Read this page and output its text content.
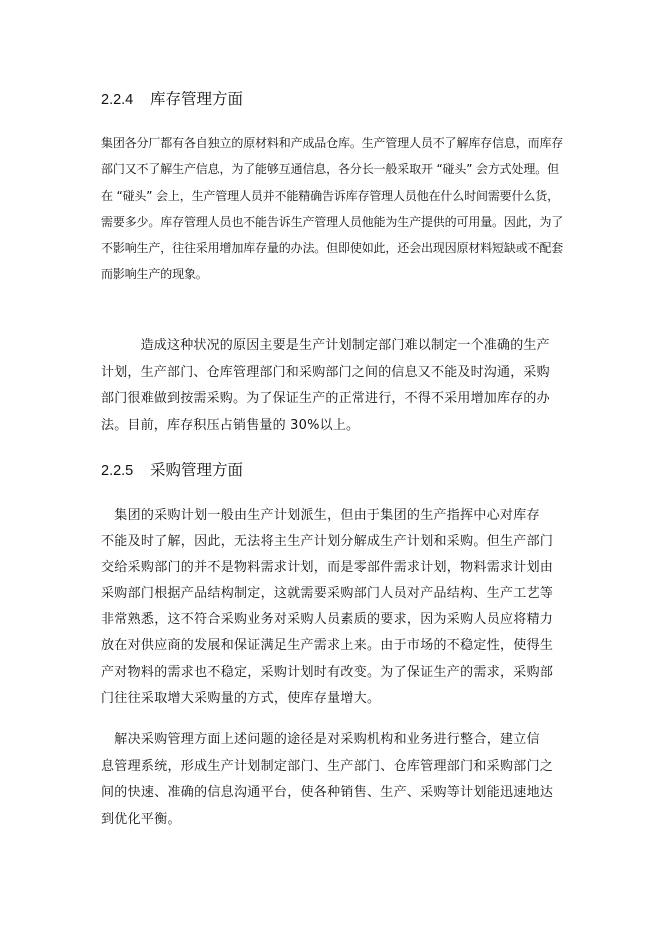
2.2.4 库存管理方面
集团各分厂都有各自独立的原材料和产成品仓库。生产管理人员不了解库存信息，而库存
部门又不了解生产信息，为了能够互通信息，各分长一般采取开 “碰头” 会方式处理。但
在 “碰头” 会上，生产管理人员并不能精确告诉库存管理人员他在什么时间需要什么货，
需要多少。库存管理人员也不能告诉生产管理人员他能为生产提供的可用量。因此，为了
不影响生产，往往采用增加库存量的办法。但即使如此，还会出现因原材料短缺或不配套
而影响生产的现象。
　　　造成这种状况的原因主要是生产计划制定部门难以制定一个准确的生产
计划，生产部门、仓库管理部门和采购部门之间的信息又不能及时沟通，采购
部门很难做到按需采购。为了保证生产的正常进行，不得不采用增加库存的办
法。目前，库存积压占销售量的 30%以上。
2.2.5 采购管理方面
　集团的采购计划一般由生产计划派生，但由于集团的生产指挥中心对库存
不能及时了解，因此，无法将主生产计划分解成生产计划和采购。但生产部门
交给采购部门的并不是物料需求计划，而是零部件需求计划，物料需求计划由
采购部门根据产品结构制定，这就需要采购部门人员对产品结构、生产工艺等
非常熟悉，这不符合采购业务对采购人员素质的要求，因为采购人员应将精力
放在对供应商的发展和保证满足生产需求上来。由于市场的不稳定性，使得生
产对物料的需求也不稳定，采购计划时有改变。为了保证生产的需求，采购部
门往往采取增大采购量的方式，使库存量增大。
　解决采购管理方面上述问题的途径是对采购机构和业务进行整合，建立信
息管理系统，形成生产计划制定部门、生产部门、仓库管理部门和采购部门之
间的快速、准确的信息沟通平台，使各种销售、生产、采购等计划能迅速地达
到优化平衡。
